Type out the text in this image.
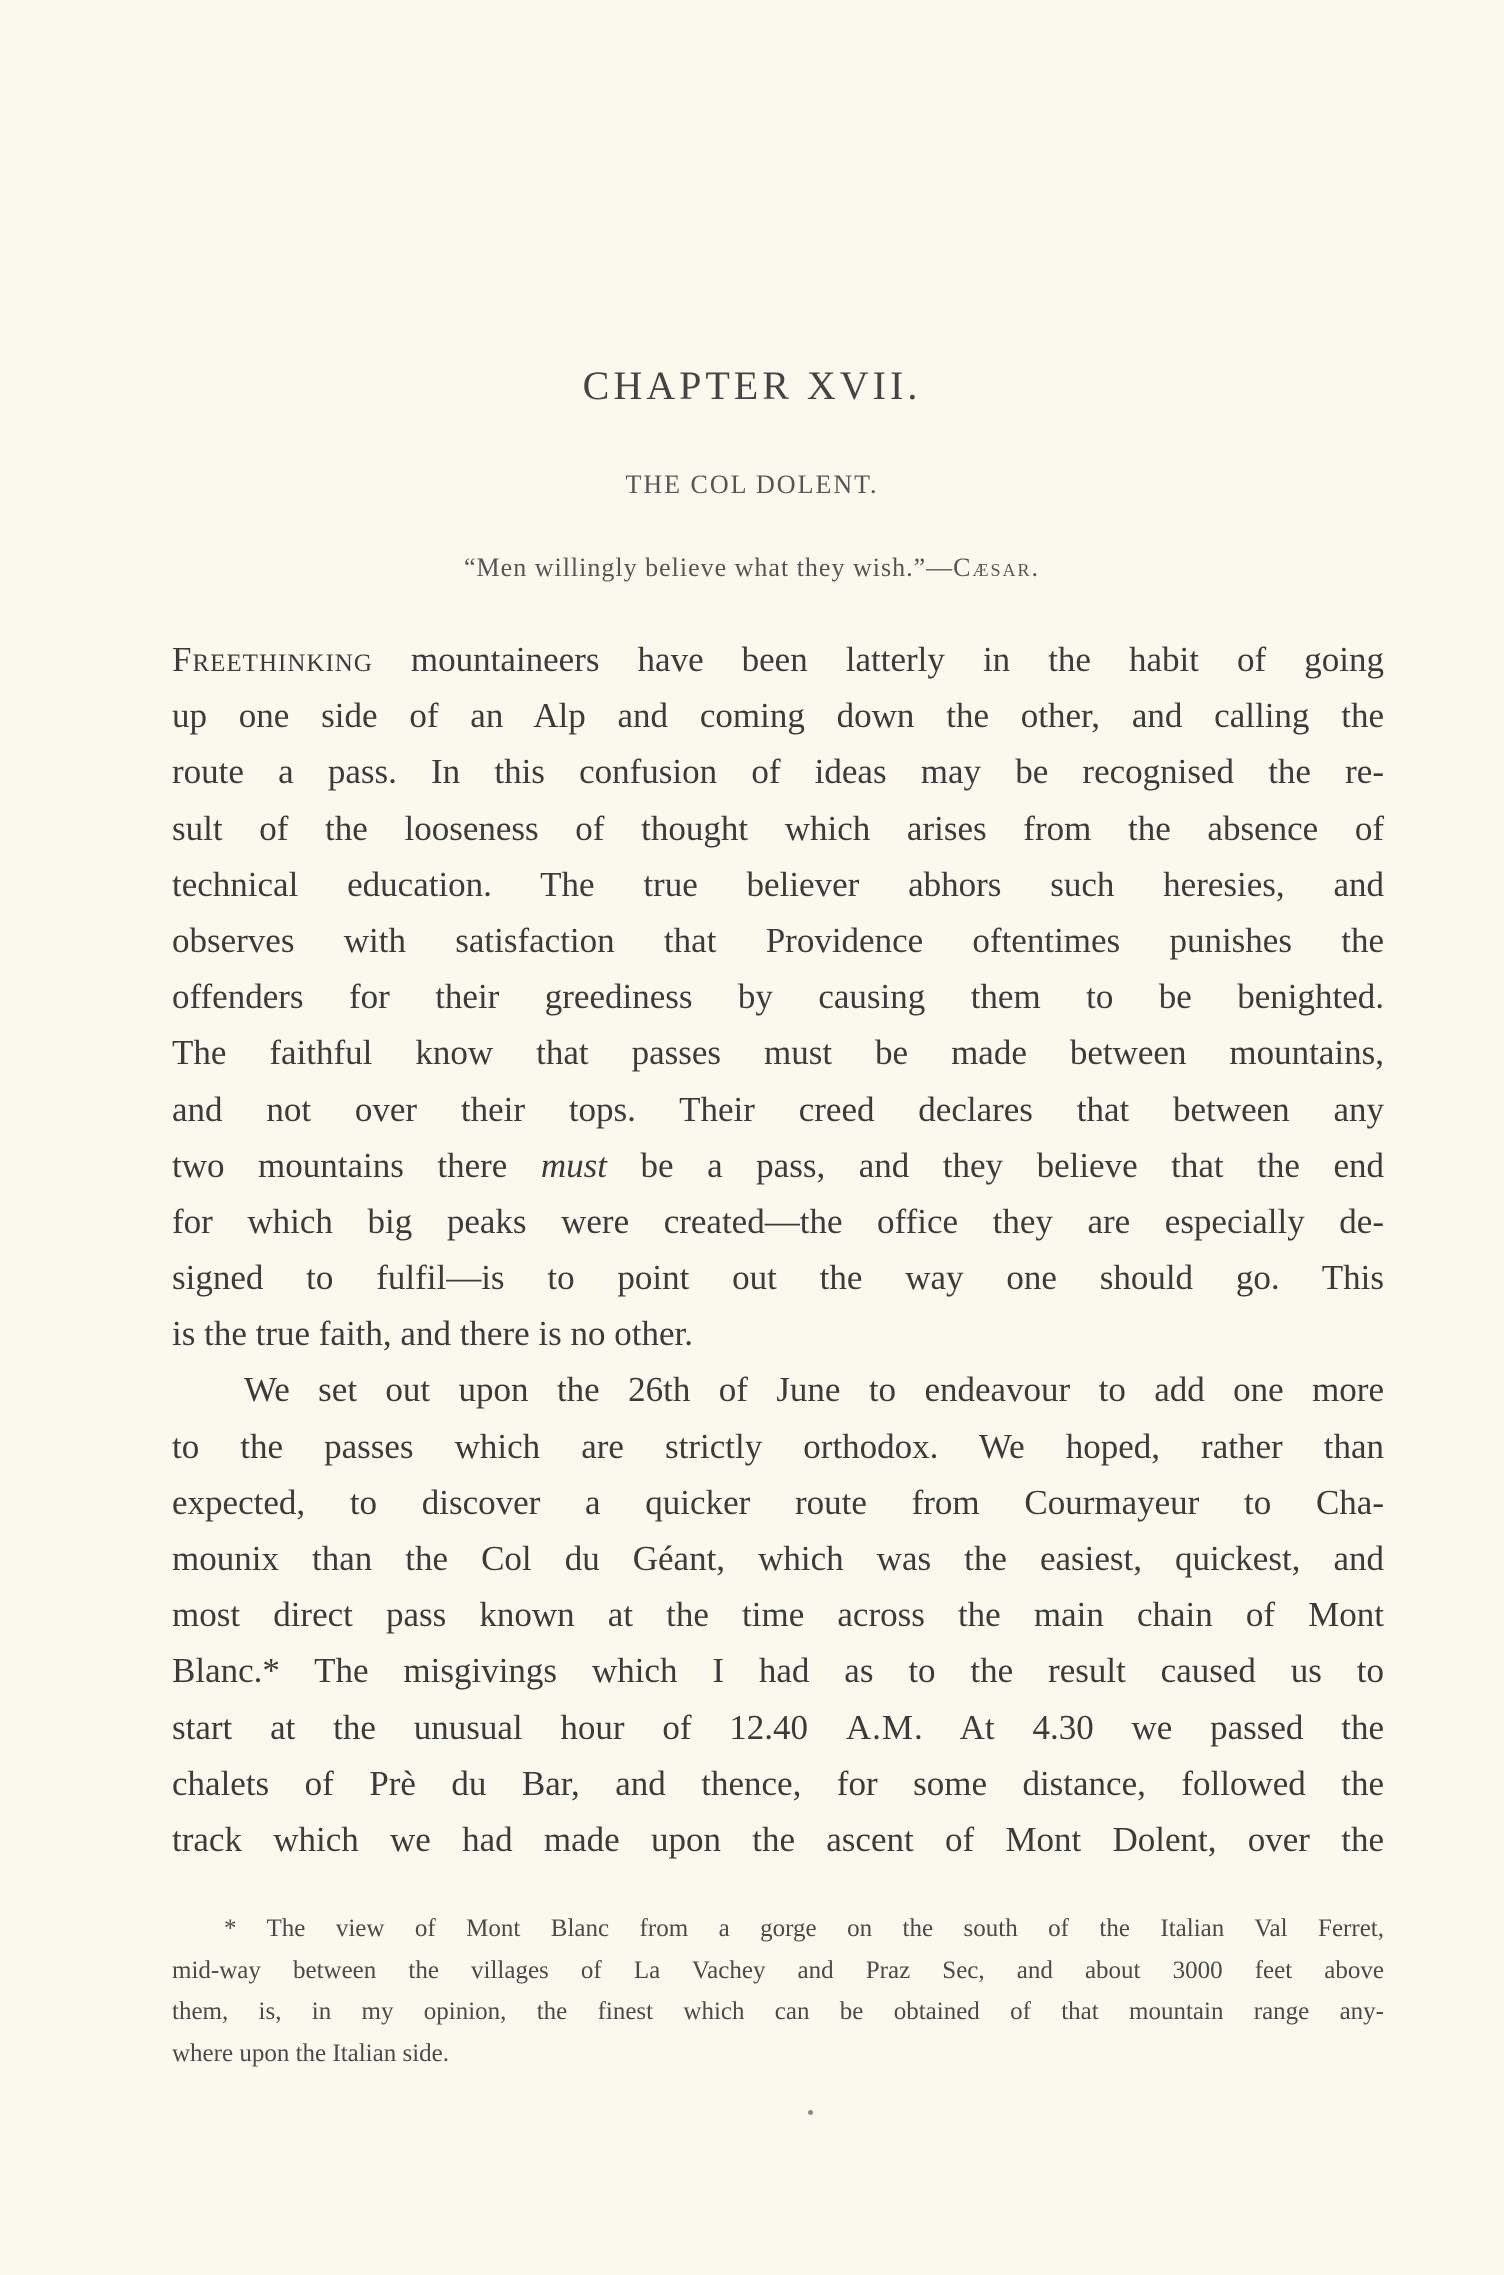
CHAPTER XVII.
THE COL DOLENT.
“Men willingly believe what they wish.”—Cæsar.
Freethinking mountaineers have been latterly in the habit of going
up one side of an Alp and coming down the other, and calling the
route a pass. In this confusion of ideas may be recognised the re-
sult of the looseness of thought which arises from the absence of
technical education. The true believer abhors such heresies, and
observes with satisfaction that Providence oftentimes punishes the
offenders for their greediness by causing them to be benighted.
The faithful know that passes must be made between mountains,
and not over their tops. Their creed declares that between any
two mountains there must be a pass, and they believe that the end
for which big peaks were created—the office they are especially de-
signed to fulfil—is to point out the way one should go. This
is the true faith, and there is no other.
We set out upon the 26th of June to endeavour to add one more
to the passes which are strictly orthodox. We hoped, rather than
expected, to discover a quicker route from Courmayeur to Cha-
mounix than the Col du Géant, which was the easiest, quickest, and
most direct pass known at the time across the main chain of Mont
Blanc.* The misgivings which I had as to the result caused us to
start at the unusual hour of 12.40 A.M. At 4.30 we passed the
chalets of Prè du Bar, and thence, for some distance, followed the
track which we had made upon the ascent of Mont Dolent, over the
* The view of Mont Blanc from a gorge on the south of the Italian Val Ferret,
mid-way between the villages of La Vachey and Praz Sec, and about 3000 feet above
them, is, in my opinion, the finest which can be obtained of that mountain range any-
where upon the Italian side.
